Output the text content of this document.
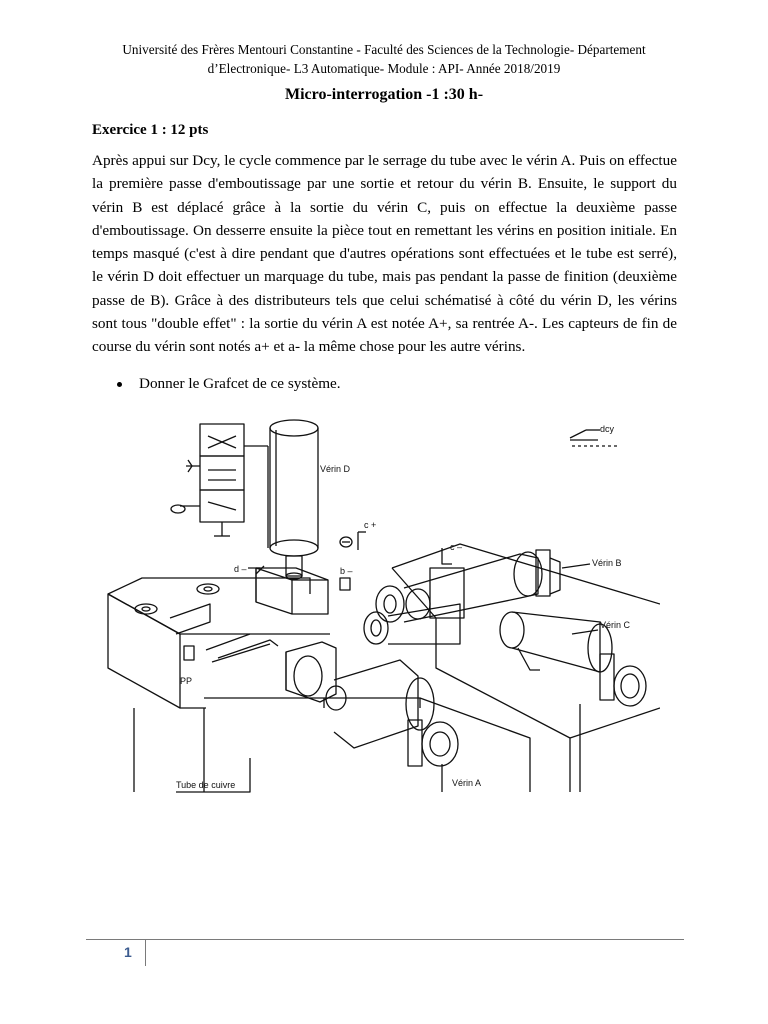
Université des Frères Mentouri Constantine - Faculté des Sciences de la Technologie- Département
d’Electronique- L3 Automatique- Module : API- Année 2018/2019
Micro-interrogation -1 :30 h-
Exercice 1 : 12 pts
Après appui sur Dcy, le cycle commence par le serrage du tube avec le vérin A. Puis on effectue la première passe d'emboutissage par une sortie et retour du vérin B. Ensuite, le support du vérin B est déplacé grâce à la sortie du vérin C, puis on effectue la deuxième passe d'emboutissage. On desserre ensuite la pièce tout en remettant les vérins en position initiale. En temps masqué (c'est à dire pendant que d'autres opérations sont effectuées et le tube est serré), le vérin D doit effectuer un marquage du tube, mais pas pendant la passe de finition (deuxième passe de B). Grâce à des distributeurs tels que celui schématisé à côté du vérin D, les vérins sont tous "double effet" : la sortie du vérin A est notée A+, sa rentrée A-. Les capteurs de fin de course du vérin sont notés a+ et a- la même chose pour les autre vérins.
Donner le Grafcet de ce système.
Vérin D
dcy
c +
d –	b –
c –
PP
Vérin B
Vérin C
Vérin A
Tube de cuivre
1
